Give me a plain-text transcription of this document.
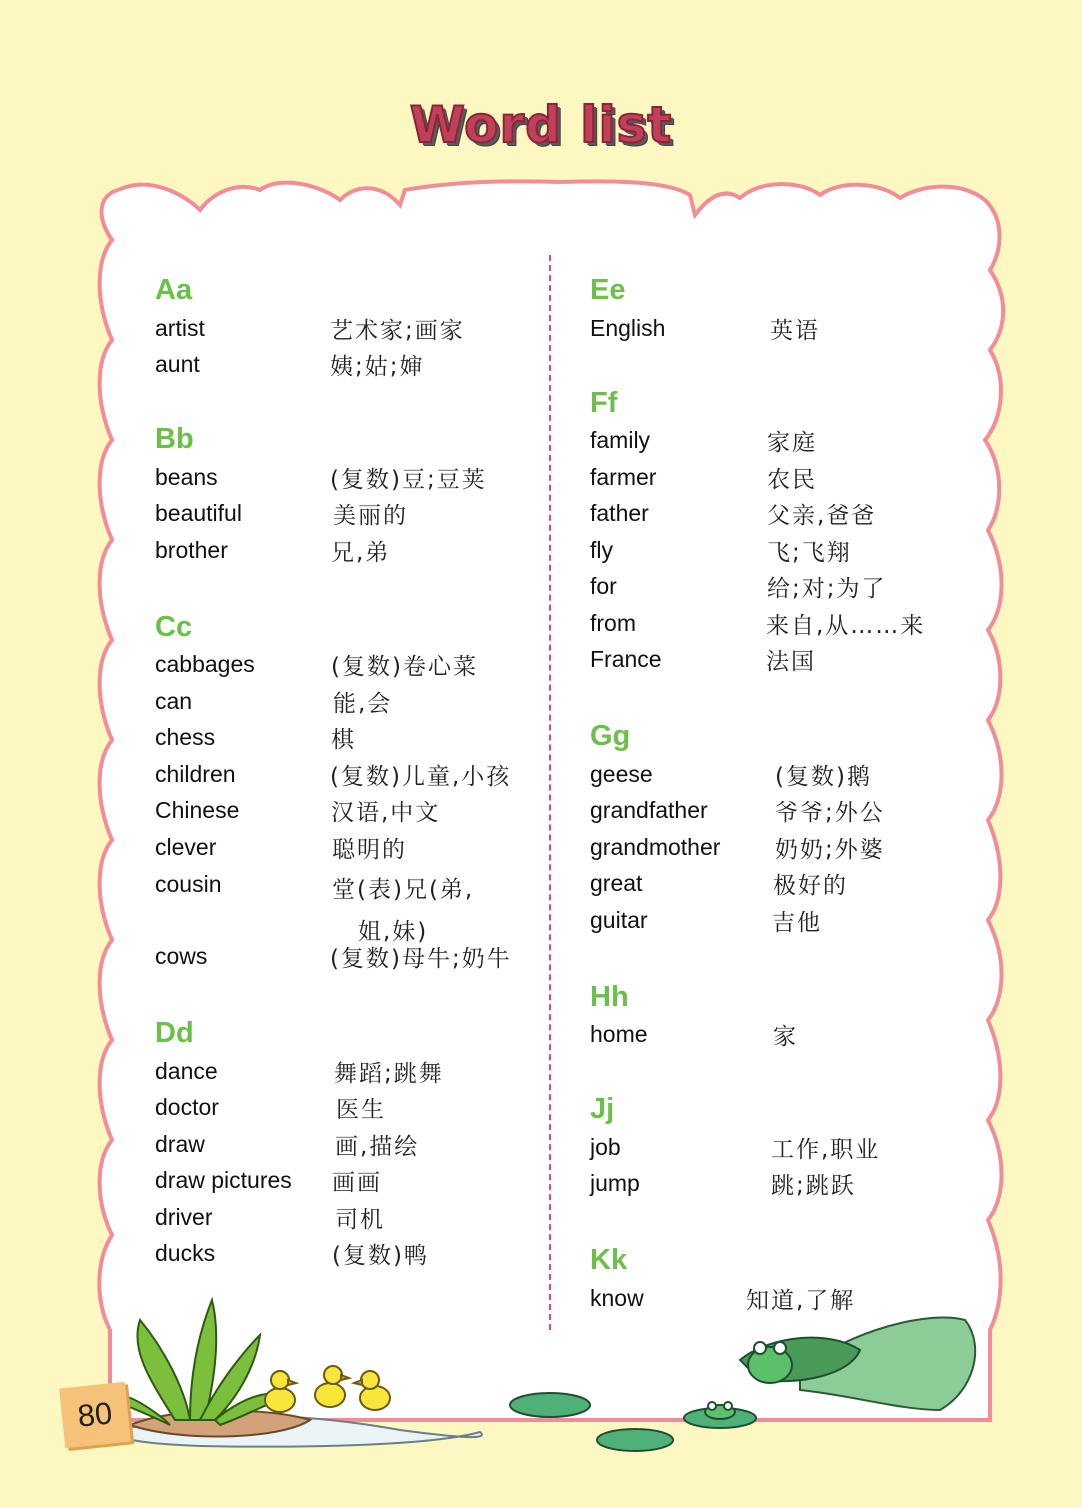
Word list
Aa
artist	艺术家;画家
aunt	姨;姑;婶
Bb
beans	(复数)豆;豆荚
beautiful	美丽的
brother	兄,弟
Cc
cabbages	(复数)卷心菜
can	能,会
chess	棋
children	(复数)儿童,小孩
Chinese	汉语,中文
clever	聪明的
cousin	堂(表)兄(弟,
姐,妹)
cows	(复数)母牛;奶牛
Dd
dance	舞蹈;跳舞
doctor	医生
draw	画,描绘
draw pictures	画画
driver	司机
ducks	(复数)鸭
Ee
English	英语
Ff
family	家庭
farmer	农民
father	父亲,爸爸
fly	飞;飞翔
for	给;对;为了
from	来自,从……来
France	法国
Gg
geese	(复数)鹅
grandfather	爷爷;外公
grandmother	奶奶;外婆
great	极好的
guitar	吉他
Hh
home	家
Jj
job	工作,职业
jump	跳;跳跃
Kk
know	知道,了解
80
